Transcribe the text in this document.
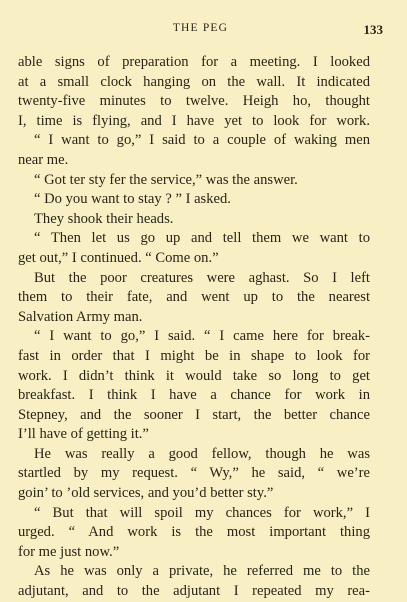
THE PEG	133
able signs of preparation for a meeting. I looked
at a small clock hanging on the wall. It indicated
twenty-five minutes to twelve. Heigh ho, thought
I, time is flying, and I have yet to look for work.
“ I want to go,” I said to a couple of waking men
near me.
“ Got ter sty fer the service,” was the answer.
“ Do you want to stay ? ” I asked.
They shook their heads.
“ Then let us go up and tell them we want to
get out,” I continued. “ Come on.”
But the poor creatures were aghast. So I left
them to their fate, and went up to the nearest
Salvation Army man.
“ I want to go,” I said. “ I came here for break-
fast in order that I might be in shape to look for
work. I didn’t think it would take so long to get
breakfast. I think I have a chance for work in
Stepney, and the sooner I start, the better chance
I’ll have of getting it.”
He was really a good fellow, though he was
startled by my request. “ Wy,” he said, “ we’re
goin’ to ’old services, and you’d better sty.”
“ But that will spoil my chances for work,” I
urged. “ And work is the most important thing
for me just now.”
As he was only a private, he referred me to the
adjutant, and to the adjutant I repeated my rea-
